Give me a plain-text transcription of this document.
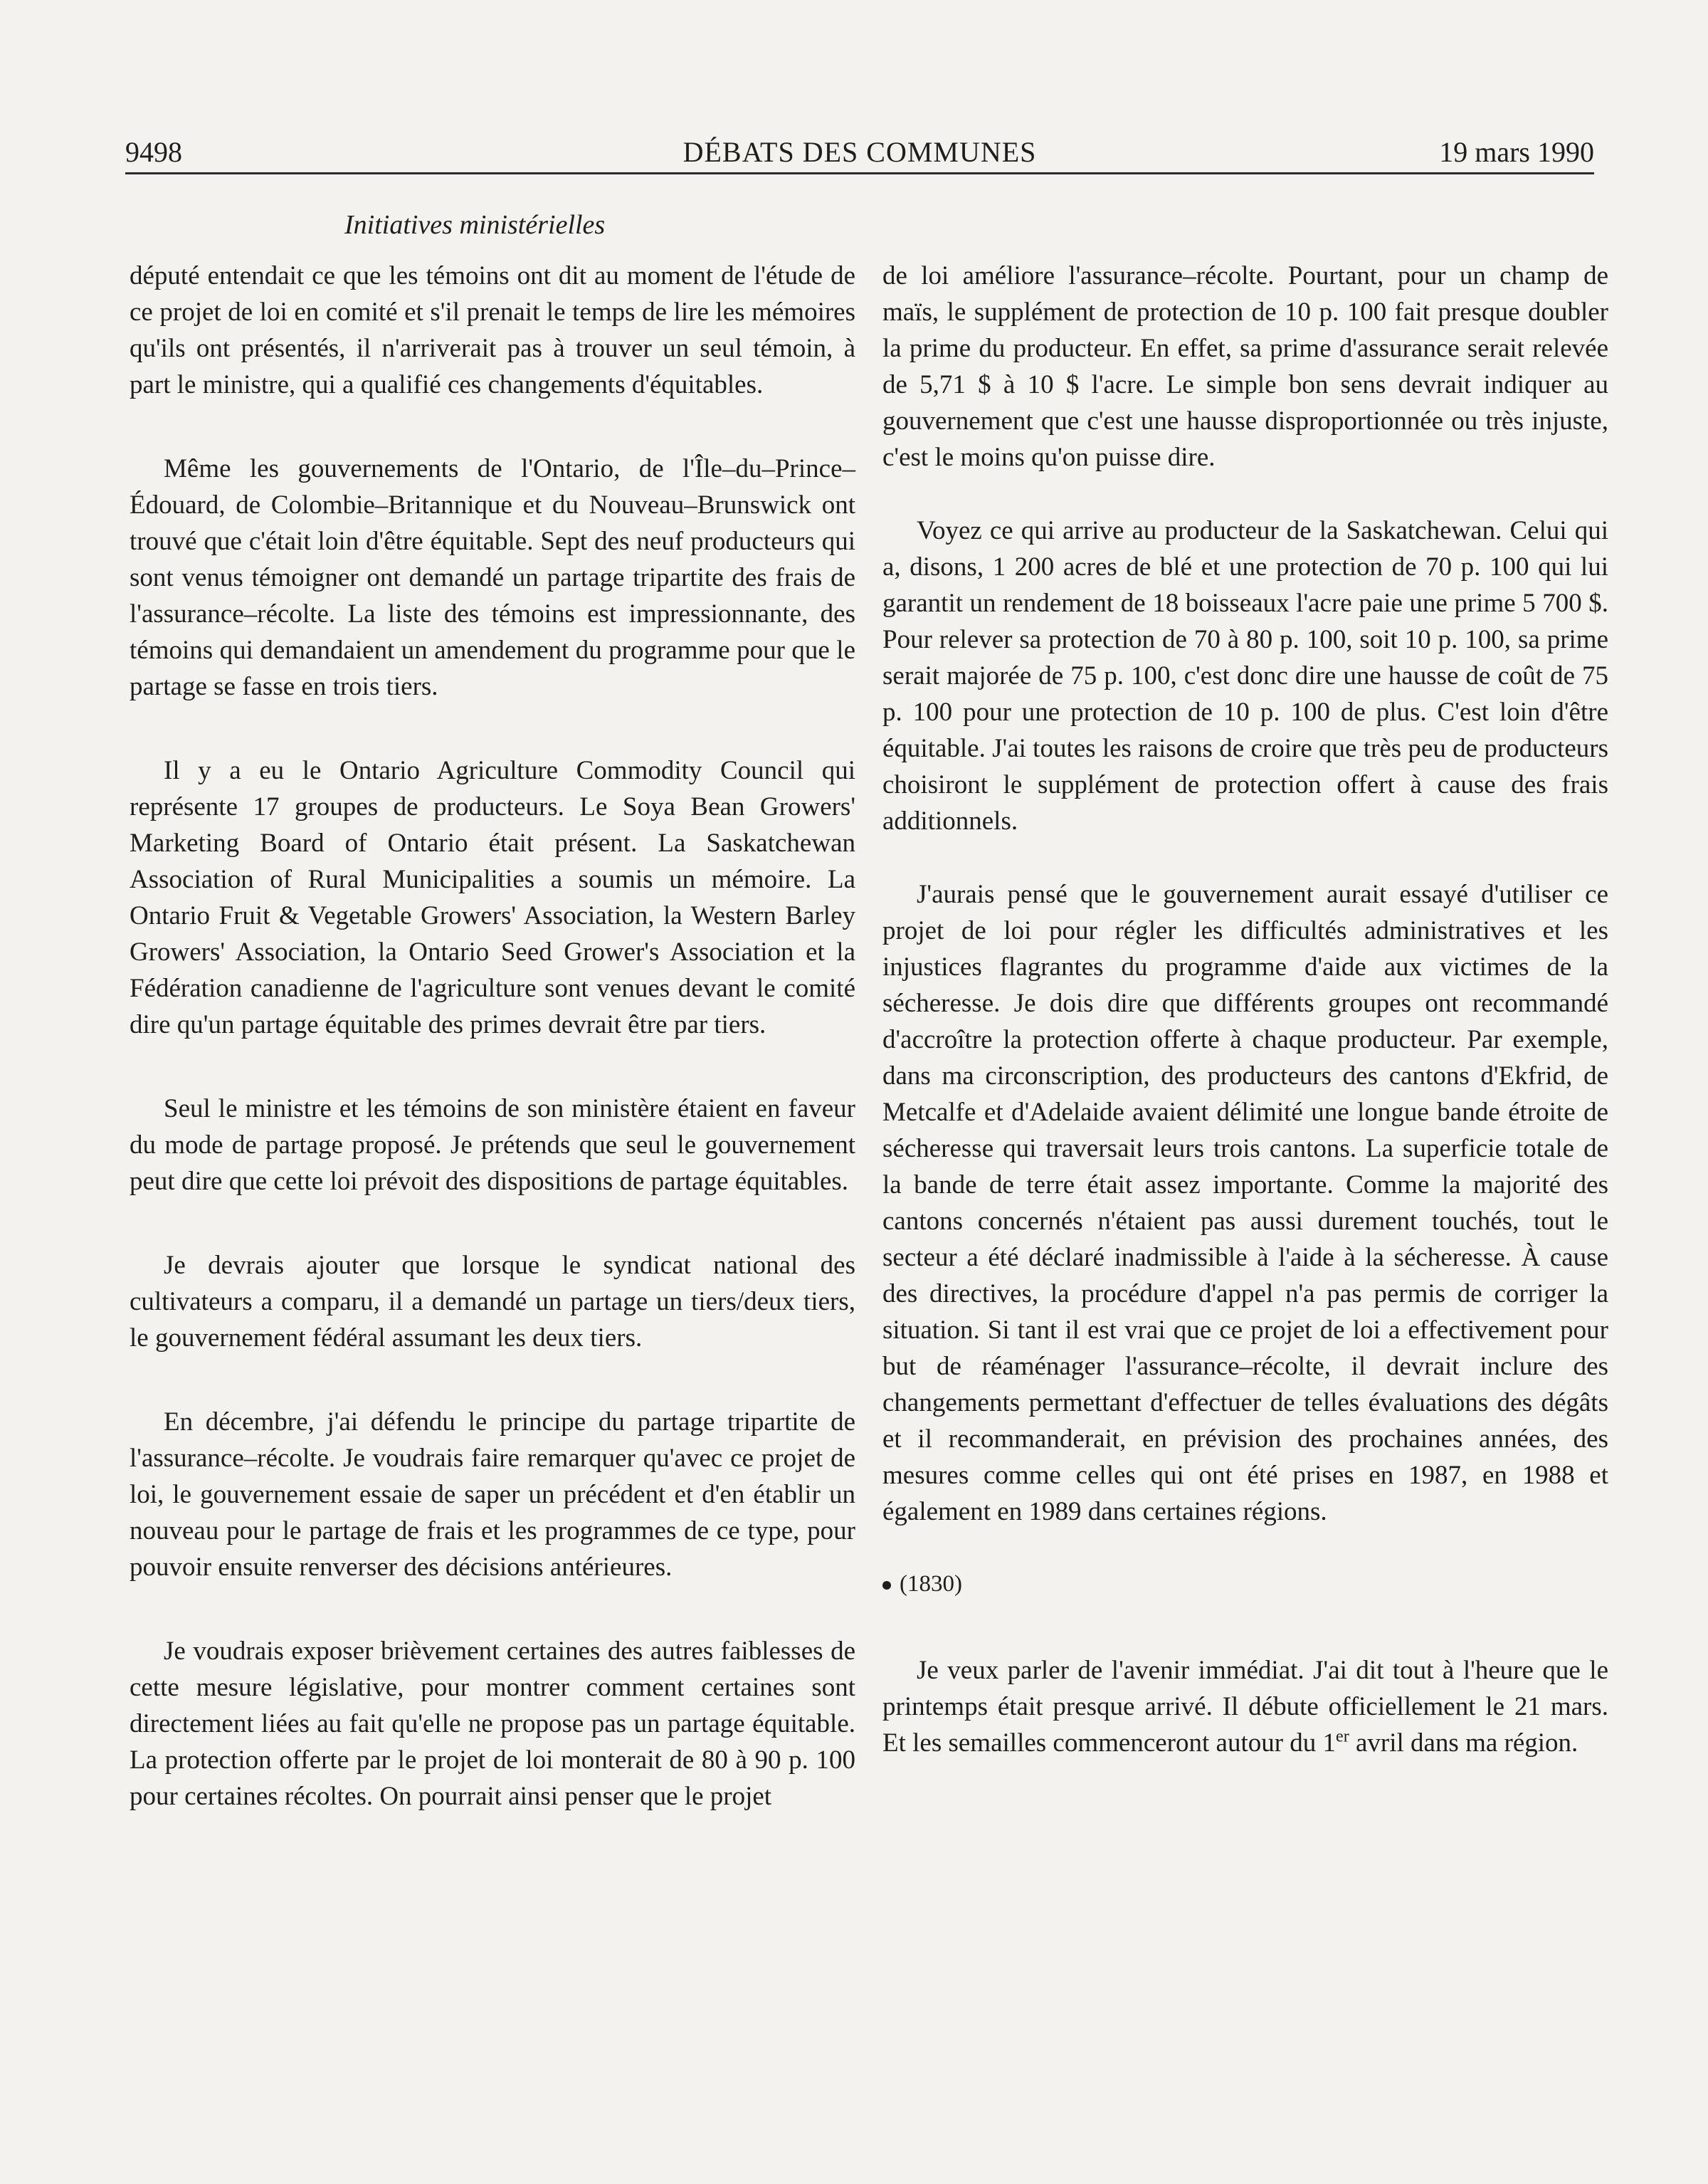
9498	DÉBATS DES COMMUNES	19 mars 1990
Initiatives ministérielles

député entendait ce que les témoins ont dit au moment de l'étude de ce projet de loi en comité et s'il prenait le temps de lire les mémoires qu'ils ont présentés, il n'arriverait pas à trouver un seul témoin, à part le ministre, qui a qualifié ces changements d'équitables.

Même les gouvernements de l'Ontario, de l'Île–du–Prince–Édouard, de Colombie–Britannique et du Nouveau–Brunswick ont trouvé que c'était loin d'être équitable. Sept des neuf producteurs qui sont venus témoigner ont demandé un partage tripartite des frais de l'assurance–récolte. La liste des témoins est impressionnante, des témoins qui demandaient un amendement du programme pour que le partage se fasse en trois tiers.

Il y a eu le Ontario Agriculture Commodity Council qui représente 17 groupes de producteurs. Le Soya Bean Growers' Marketing Board of Ontario était présent. La Saskatchewan Association of Rural Municipalities a soumis un mémoire. La Ontario Fruit & Vegetable Growers' Association, la Western Barley Growers' Association, la Ontario Seed Grower's Association et la Fédération canadienne de l'agriculture sont venues devant le comité dire qu'un partage équitable des primes devrait être par tiers.

Seul le ministre et les témoins de son ministère étaient en faveur du mode de partage proposé. Je prétends que seul le gouvernement peut dire que cette loi prévoit des dispositions de partage équitables.

Je devrais ajouter que lorsque le syndicat national des cultivateurs a comparu, il a demandé un partage un tiers/deux tiers, le gouvernement fédéral assumant les deux tiers.

En décembre, j'ai défendu le principe du partage tripartite de l'assurance–récolte. Je voudrais faire remarquer qu'avec ce projet de loi, le gouvernement essaie de saper un précédent et d'en établir un nouveau pour le partage de frais et les programmes de ce type, pour pouvoir ensuite renverser des décisions antérieures.

Je voudrais exposer brièvement certaines des autres faiblesses de cette mesure législative, pour montrer comment certaines sont directement liées au fait qu'elle ne propose pas un partage équitable. La protection offerte par le projet de loi monterait de 80 à 90 p. 100 pour certaines récoltes. On pourrait ainsi penser que le projet

de loi améliore l'assurance–récolte. Pourtant, pour un champ de maïs, le supplément de protection de 10 p. 100 fait presque doubler la prime du producteur. En effet, sa prime d'assurance serait relevée de 5,71 $ à 10 $ l'acre. Le simple bon sens devrait indiquer au gouvernement que c'est une hausse disproportionnée ou très injuste, c'est le moins qu'on puisse dire.

Voyez ce qui arrive au producteur de la Saskatchewan. Celui qui a, disons, 1 200 acres de blé et une protection de 70 p. 100 qui lui garantit un rendement de 18 boisseaux l'acre paie une prime 5 700 $. Pour relever sa protection de 70 à 80 p. 100, soit 10 p. 100, sa prime serait majorée de 75 p. 100, c'est donc dire une hausse de coût de 75 p. 100 pour une protection de 10 p. 100 de plus. C'est loin d'être équitable. J'ai toutes les raisons de croire que très peu de producteurs choisiront le supplément de protection offert à cause des frais additionnels.

J'aurais pensé que le gouvernement aurait essayé d'utiliser ce projet de loi pour régler les difficultés administratives et les injustices flagrantes du programme d'aide aux victimes de la sécheresse. Je dois dire que différents groupes ont recommandé d'accroître la protection offerte à chaque producteur. Par exemple, dans ma circonscription, des producteurs des cantons d'Ekfrid, de Metcalfe et d'Adelaide avaient délimité une longue bande étroite de sécheresse qui traversait leurs trois cantons. La superficie totale de la bande de terre était assez importante. Comme la majorité des cantons concernés n'étaient pas aussi durement touchés, tout le secteur a été déclaré inadmissible à l'aide à la sécheresse. À cause des directives, la procédure d'appel n'a pas permis de corriger la situation. Si tant il est vrai que ce projet de loi a effectivement pour but de réaménager l'assurance–récolte, il devrait inclure des changements permettant d'effectuer de telles évaluations des dégâts et il recommanderait, en prévision des prochaines années, des mesures comme celles qui ont été prises en 1987, en 1988 et également en 1989 dans certaines régions.

(1830)

Je veux parler de l'avenir immédiat. J'ai dit tout à l'heure que le printemps était presque arrivé. Il débute officiellement le 21 mars. Et les semailles commenceront autour du 1er avril dans ma région.
